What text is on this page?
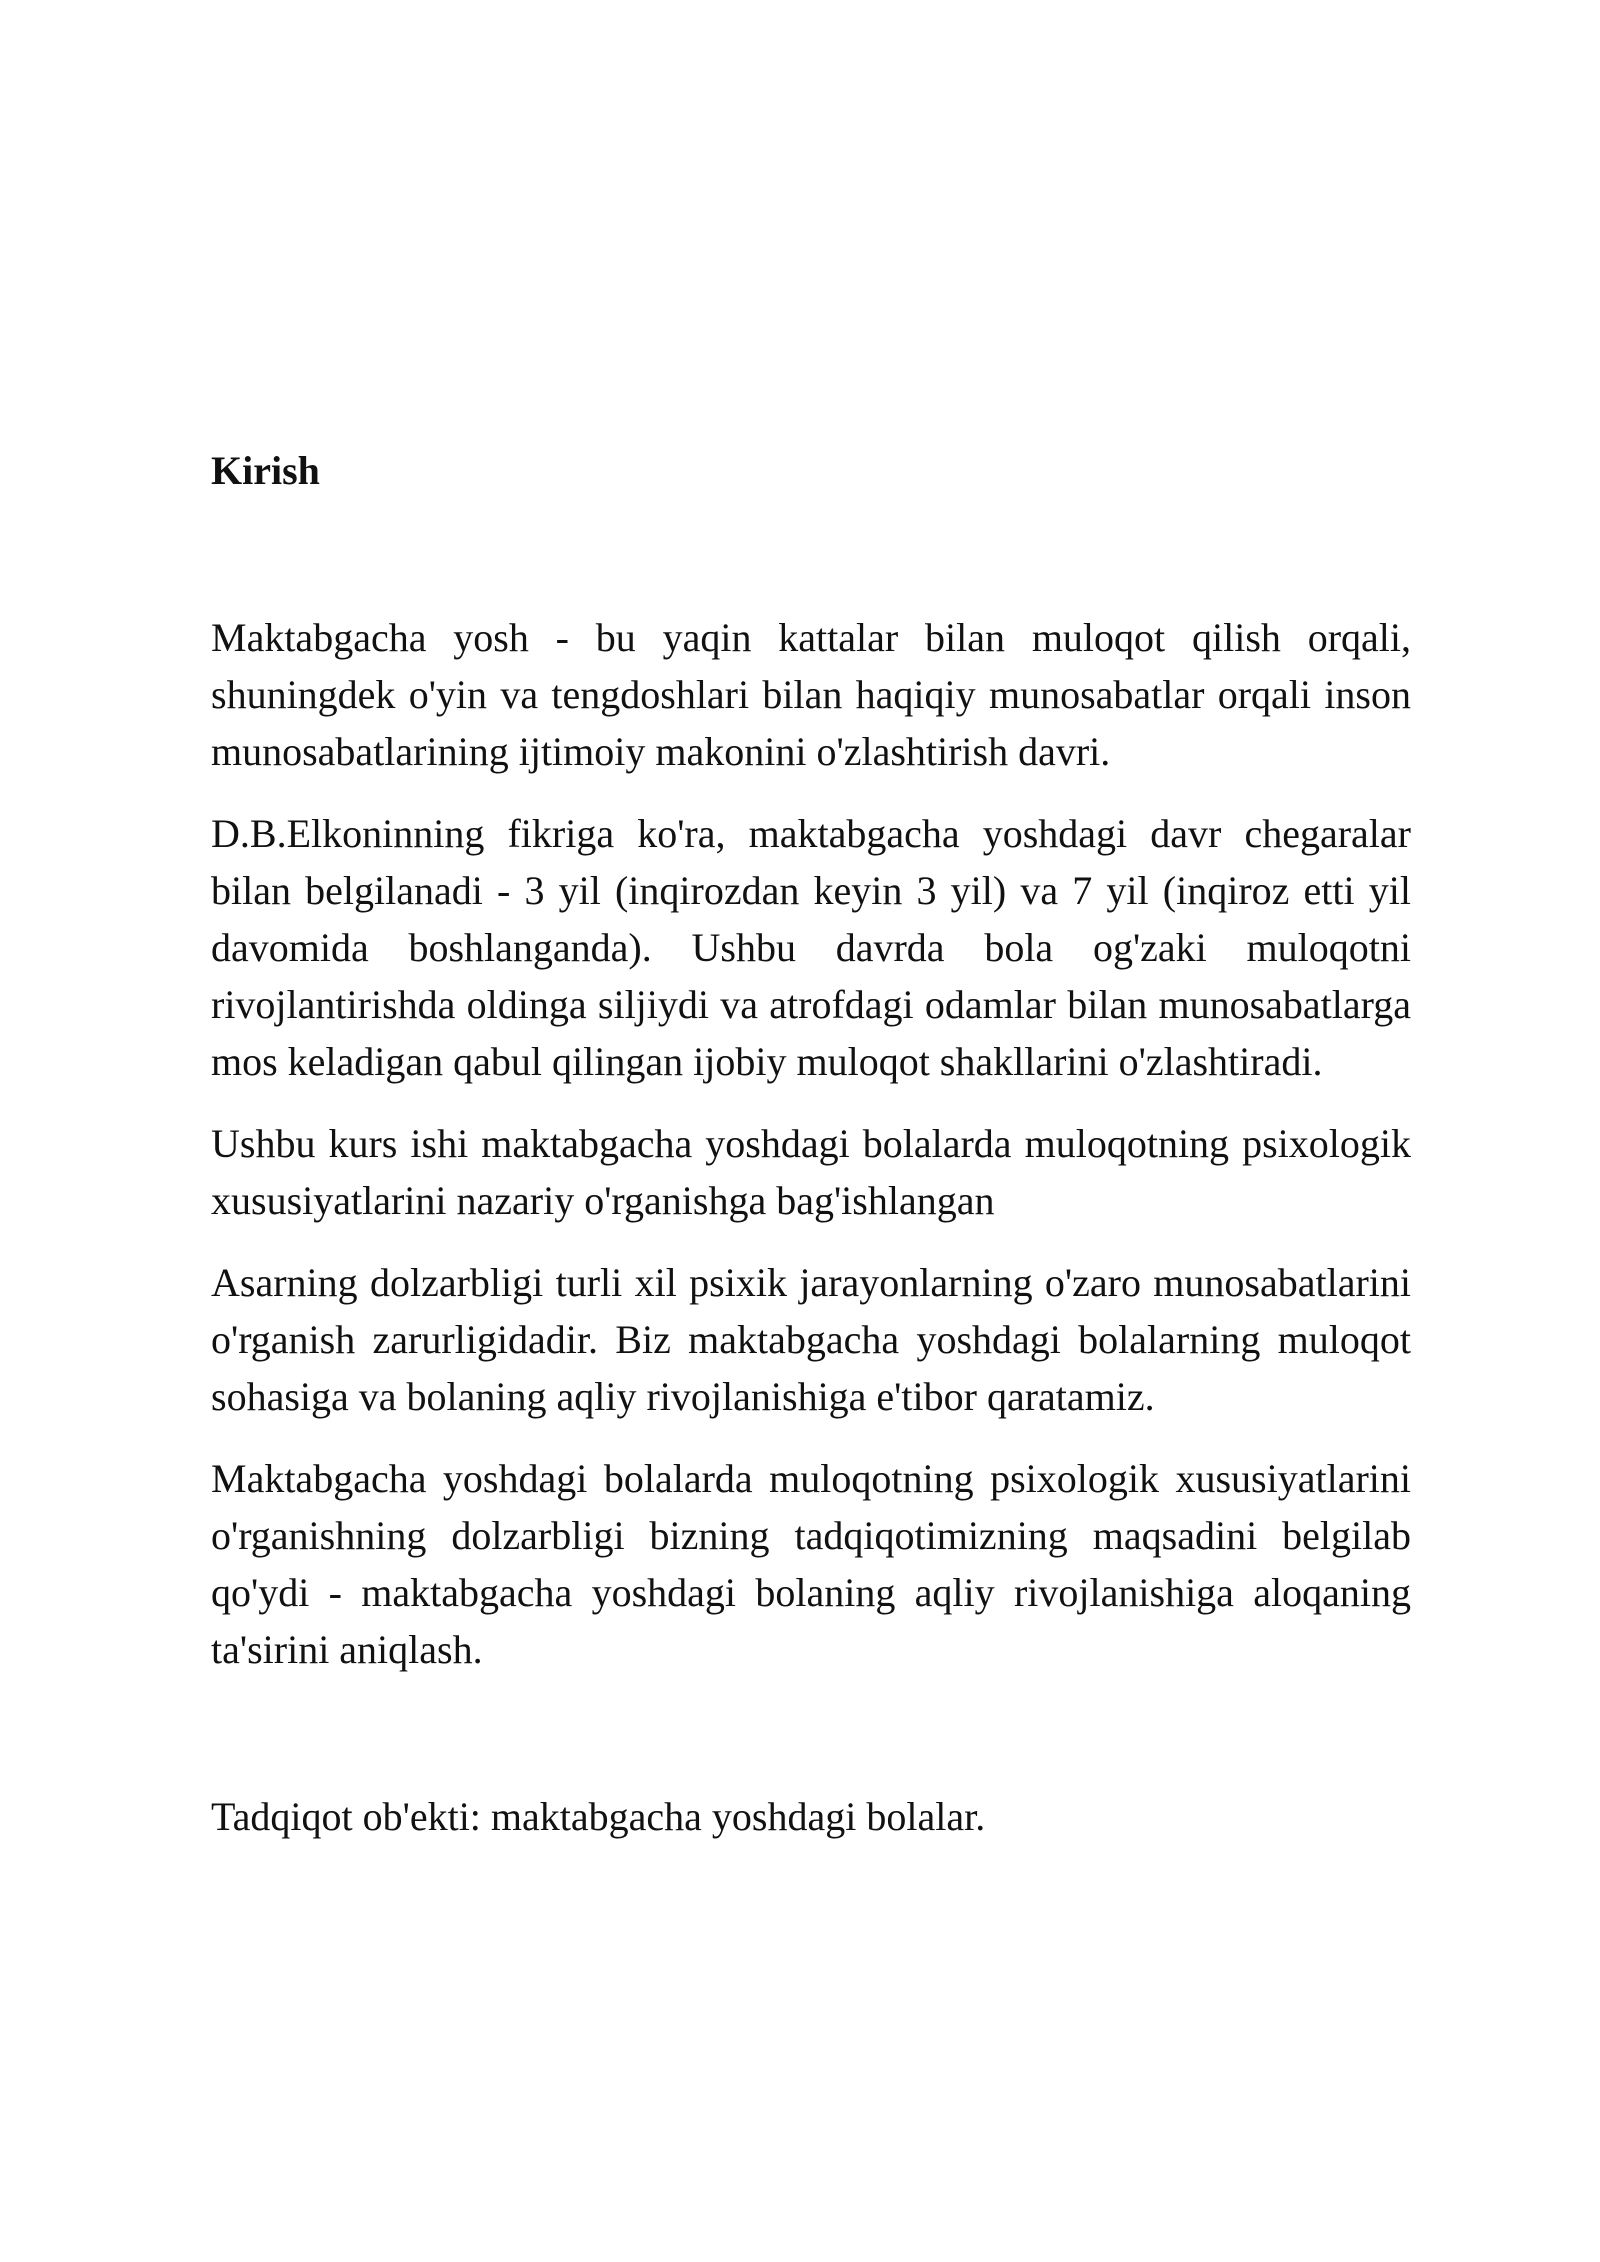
Kirish

Maktabgacha yosh - bu yaqin kattalar bilan muloqot qilish orqali, shuningdek o'yin va tengdoshlari bilan haqiqiy munosabatlar orqali inson munosabatlarining ijtimoiy makonini o'zlashtirish davri.

D.B.Elkoninning fikriga ko'ra, maktabgacha yoshdagi davr chegaralar bilan belgilanadi - 3 yil (inqirozdan keyin 3 yil) va 7 yil (inqiroz etti yil davomida boshlanganda). Ushbu davrda bola og'zaki muloqotni rivojlantirishda oldinga siljiydi va atrofdagi odamlar bilan munosabatlarga mos keladigan qabul qilingan ijobiy muloqot shakllarini o'zlashtiradi.

Ushbu kurs ishi maktabgacha yoshdagi bolalarda muloqotning psixologik xususiyatlarini nazariy o'rganishga bag'ishlangan

Asarning dolzarbligi turli xil psixik jarayonlarning o'zaro munosabatlarini o'rganish zarurligidadir. Biz maktabgacha yoshdagi bolalarning muloqot sohasiga va bolaning aqliy rivojlanishiga e'tibor qaratamiz.

Maktabgacha yoshdagi bolalarda muloqotning psixologik xususiyatlarini o'rganishning dolzarbligi bizning tadqiqotimizning maqsadini belgilab qo'ydi - maktabgacha yoshdagi bolaning aqliy rivojlanishiga aloqaning ta'sirini aniqlash.

Tadqiqot ob'ekti: maktabgacha yoshdagi bolalar.
